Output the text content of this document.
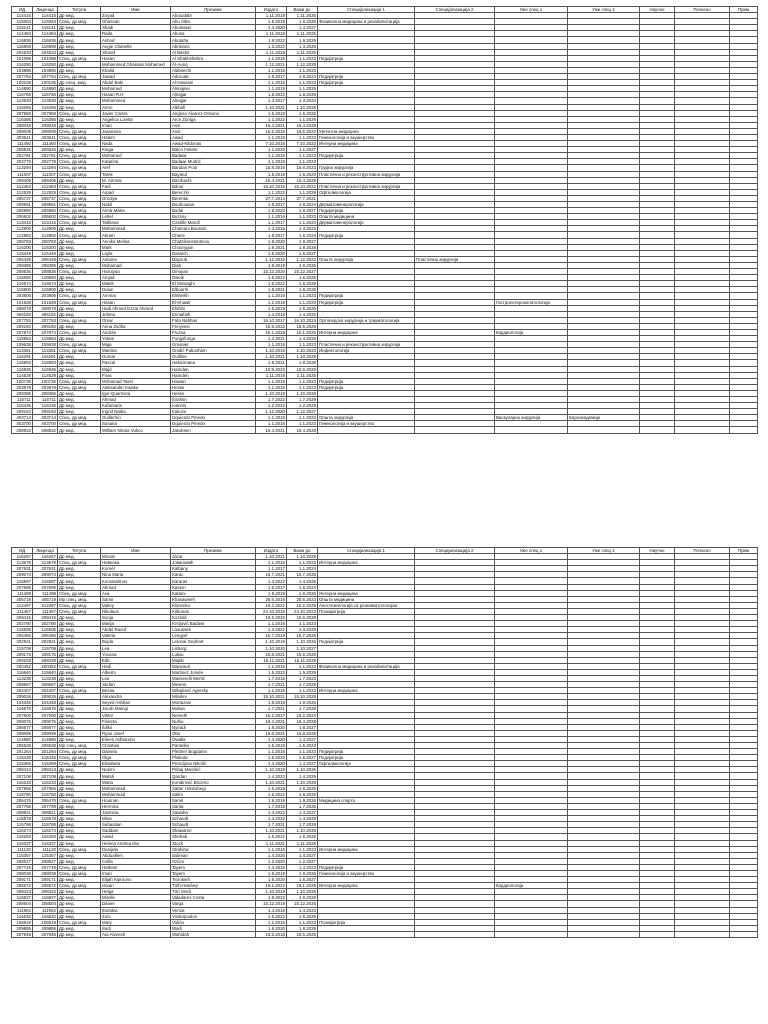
ИД	Лиценца	Титула	Име	Презиме	Издато	Важи до	Специјализација 1	Специјализација 2	Уже спец 1	Уже спец 2	Научно	Почасно	Прим
114415	114415	Др мед.	Zoyad	Aboualabr	1.11.2018	1.11.2025							
115054	115054	Спец. др мед.	Ghassan	Abu Sitta	1.9.2019	1.9.2026	Физикална медицина и рехабилитација						
115141	115141	Др мед.	Shadi	Abuissaer	1.4.2020	1.4.2027							
114484	114484	Др мед.	Rada	Abusa	1.11.2018	1.11.2025							
116836	116836	Др мед.	Ashraf	Abutaha	1.9.2022	1.9.2029							
116659	116659	Др мед.	Angie Chanelle	Abrinano	1.3.2022	1.3.2029							
204533	204533	Др мед.	Sharaf	Al Bashir	1.11.2018	1.11.2025							
101098	101098	Спец. др мед.	Hasan	Al Shakhshahra	1.1.2016	1.1.2023	Педијатрија						
116250	116250	Др мед.	Mohammed Ghassan Mohamed	Al-Aunq	1.12.2021	1.12.2028							
103886	103886	Др мед.	Khalid	Alabsechi	1.1.2016	1.1.2023							
207754	207754	Спец. др мед.	Jawad	Adrouab	1.8.2017	1.8.2024	Педијатрија						
100105	100105	Др спец. мед.	Abdul Baki	Al-Hassani	1.1.2016	1.1.2023	Педијатрија						
114890	114890	Др мед.	Mohamed	Alimajnei	1.1.2019	1.1.2026							
116766	116766	Др мед.	Hasan R.H	Alnajjar	1.8.2022	1.8.2029							
113530	113530	Др мед.	Mohammed	Alnajjar	1.3.2017	1.3.2024							
116266	116266	Др мед.	Amro	Alkhafi	1.10.2021	1.10.2028							
207968	207968	Спец. др мед.	Javier Carlos	Angoso Alvarez-Ossorio	1.6.2018	1.6.2025							
116386	116386	Др мед.	Angelica Lizette	Arce Zuniga	1.1.2022	1.1.2029							
208048	208048	Др мед.	Iman	Assi	15.4.2021	15.4.2028							
208009	208009	Спец. др мед.	Jasseena	Assi	16.5.2016	16.5.2023	Ургентна медицина						
403641	403641	Спец. др мед.	Hatem	Awad	1.1.2016	1.1.2023	Гинекологија и акушерство						
111450	111450	Спец. др мед.	Nada	Awad-Kildonas	7.10.2016	7.10.2023	Интерна медицина						
206526	206526	Др мед.	Kinga	Balco Fekete	1.1.2020	1.1.2027							
202781	202781	Спец. др мед.	Mohamed	Badawi	1.1.2016	1.1.2023	Педијатрија						
202779	202779	Спец. др мед.	Katarina	Badawi Mudrić	1.1.2016	1.1.2023							
113294	113294	Спец. др мед.	Aref	Bandari Pour	15.8.2016	15.8.2023	Грудна хирургија						
111007	111007	Спец. др мед.	Tarek	Bayand	1.5.2016	1.5.2023	Пластична и реконструктивна хирургија						
209405	209405	Др мед.	M. Ammar	Bazrbachi	15.4.2021	15.4.2028							
112463	112463	Спец. др мед.	Fadi	Bdour	15.10.2015	15.10.2022	Пластична и реконструктивна хирургија						
112525	112525	Спец. др мед.	Arpad	Bereczki	1.1.2022	1.1.2029	Офталмологија						
205737	205737	Спец. др мед.	Orsolya	Berentai	27.7.2014	27.7.2021							
209561	209561	Спец. др мед.	Nabil	Bouhoussa	1.8.2017	1.8.2024	Дерматовенерологија						
206950	206950	Спец. др мед.	Anna-Mária	Budai	1.9.2020	1.9.2027	Педијатрија						
206602	206602	Спец. др мед.	Lehel	Buzsny	1.1.2016	1.1.2023	Општа медицина						
113415	113415	Спец. др мед.	Tathiana	Castillo Marull	1.1.2017	1.1.2024	Дерматовенерологија						
112900	112900	Др мед.	Mohammad	Chamani Boussiri	1.3.2016	1.3.2023							
112882	112882	Спец. др мед.	Akram	Charie	1.8.2017	1.8.2024	Педијатрија						
208783	208783	Др мед.	Annika Melina	Chatzikonstantinou	1.9.2020	1.9.2027							
116200	116200	Др мед.	Mark	Chourygun	1.9.2021	1.9.2028							
115449	115449	Др мед.	Layla	Darwich	1.5.2020	1.5.2027							
206429	206429	Спец. др мед.	Antoine	Dayoub	1.12.2015	1.12.2022	Општа хирургија	Пластична хирургија					
208385	208385	Др мед.	Mohamad	Diab	1.9.2019	1.9.2026							
208836	208836	Спец. др мед.	Harutyun	Dinoyan	15.12.2020	15.12.2027							
116650	116650	Др мед.	Amjad	Dweik	1.6.2022	1.6.2029							
116674	116674	Др мед.	Malek	El Mowaghi	1.6.2022	1.6.2029							
115900	115900	Др мед.	Dulun	Elbounh	1.8.2021	1.8.2028							
203805	203805	Спец. др мед.	Ammar	Elsheikh	1.1.2016	1.1.2023	Педијатрија						
101828	101828	Спец. др мед.	Hasan	El-Khawli	1.1.2016	1.1.2023	Педијатрија		Гастроентерохепатологија				
208078	208078	Др мед.	Hadi Ahmed Ezzat Ahmed	Elshihi	1.5.2019	1.5.2026							
406182	406182	Др мед.	Jelena	Ennaifaih	1.4.2018	1.4.2025							
207783	207783	Спец. др мед.	Omar	Fata Nahhas	16.10.2017	16.10.2024	Ортопедска хирургија и трауматологија						
209160	209160	Др мед.	Anna Zsófia	Fenyvesi	15.5.2022	15.5.2029							
207874	207874	Спец. др мед.	András	Fruzsa	15.1.2018	15.1.2025	Интерна медицина		Кардиологија				
115953	115953	Др мед.	Yotam	Fungsfunga	1.4.2021	1.4.2028							
109638	109638	Спец. др мед.	Maja	Gmanier	1.1.2016	1.1.2023	Пластична и реконструктивна хирургија						
113351	113351	Спец. др мед.	Martina	Gnidić Pukonham	1.10.2016	1.10.2023	Инфектологија						
116291	116291	Др мед.	Oumar	Guilline	1.10.2021	1.10.2028							
116893	116893	Др мед.	Pascal	Hakizimana	1.8.2021	1.8.2028							
116935	116935	Др мед.	Majd	Hamdan	10.9.2022	10.9.2029							
114529	114529	Др мед.	Firas	Hamdeh	1.11.2018	1.11.2025							
100735	100735	Спец. др мед.	Mohamad Taser	Hawari	1.1.2016	1.1.2023	Педијатрија						
203978	203978	Спец. др мед.	Aleksander Kwaku	Hesse	1.1.2016	1.1.2023	Педијатрија						
208386	208386	Др мед.	Igor-Quarmina	Hesse	1.10.2019	1.10.2026							
116711	116711	Др мед.	Ahmad	Ibrahim	1.7.2022	1.7.2029							
116436	116436	Др мед.	Kafantaris	Ioannis	1.2.2022	1.2.2029							
209163	209163	Др мед.	Ingrid Nadia	Irakoze	1.12.2020	1.12.2027							
403714	403714	Спец. др мед.	Guillermo	Izquierdo Pinedo	1.1.2016	1.1.2023	Општа хирургија		Васкуларна хирургија	Бароакадемија			
403700	403700	Спец. др мед.	Susana	Izquierdo Pinedo	1.1.2016	1.1.2023	Гинекологија и акушерство						
208832	208832	Др мед.	William Nikola Vukco	Jakobsen	15.4.2021	15.4.2028							
ИД	Лиценца	Титула	Име	Презиме	Издато	Важи до	Специјализација 1	Специјализација 2	Уже спец 1	Уже спец 2	Научно	Почасно	Прим
116267	116267	Др мед.	Wisam	Jazar	1.10.2021	1.10.2028							
113679	113679	Спец. др мед.	Невенка	Јовановић	1.1.2016	1.1.2023	Интерна медицина						
207631	207631	Др мед.	Kornél	Kalbány	1.1.2017	1.1.2024							
209074	209074	Др мед.	Nina Maria	Karac	15.7.2021	15.7.2028							
116597	116597	Др мед.	Konstantinos	Kararas	1.4.2022	1.4.2029							
207695	207695	Др мед.	Ahmad	Kasem	1.6.2017	1.6.2024							
111498	111498	Спец. др мед.	Ava	Kataev	1.9.2019	1.9.2026	Интерна медицина						
405719	405719	Мр спец. мед.	Samir	Khasawneh	25.6.2016	25.6.2023	Општа медицина						
112497	112497	Спец. др мед.	Valery	Klimenko	15.2.2022	15.2.2029	Анестезиологија са реаниматологијом						
111457	111457	Спец. др мед.	Nikolaos	Kildonas	24.10.2016	24.10.2023	Психијатрија						
209415	209415	Др мед.	Sonja	Kozlolić	15.6.2022	15.6.2029							
202780	202780	Др мед.	Marija	Krstjović Badawi	1.1.2016	1.1.2023							
116505	116505	Др мед.	Abdel Raouf	Laoussek	1.3.2022	1.3.2029							
206456	206456	Др мед.	Valeria	Lengyel	15.7.2019	15.7.2026							
202921	202921	Др мед.	Bojda	Letonai Gephart	1.10.2019	1.10.2026	Педијатрија						
115708	115708	Др мед.	Lea	Lisborg	1.10.2020	1.10.2027							
209175	209175	Др мед.	Yovana	Lukac	15.8.2021	15.8.2028							
209228	209228	Др мед.	Edit	Majlát	15.11.2021	15.11.2028							
200452	200452	Спец. др мед.	Hadi	Mansouri	1.1.2016	1.1.2023	Физикална медицина и рехабилитација						
116640	116640	Др мед.	Alberto	Martinez Jorsén	1.5.2022	1.5.2029							
113238	113238	Др мед.	Lea	Masserelli Mertić	1.7.2016	1.7.2023							
208697	208697	Др мед.	Stefan	Mesem	1.7.2021	1.7.2028							
204407	204407	Спец. др мед.	Besna	Mihajlović Agersky	1.1.2016	1.1.2023	Интерна медицина						
209026	209026	Др мед.	Alexandra	Miloilev	15.10.2021	15.10.2028							
104348	104348	Др мед.	Seyed Ashkan	Mortazavi	1.9.2019	1.9.2026							
116676	116676	Др мед.	Jacob Maingi	Mulwa	1.7.2021	1.7.2028							
207500	207500	Др мед.	Viktor	Nemeth	15.2.2017	15.2.2024							
209075	209075	Др мед.	Filoreta	Nuhiu	16.4.2021	16.4.2028							
206677	206677	Др мед.	Ildikó	Nyirádi	1.8.2020	1.8.2027							
209099	209099	Др мед.	Ryan Josef	Otto	15.8.2021	15.8.2028							
114880	114880	Др мед.	Eileen Adhiambo	Owalla	1.4.2020	1.4.2027							
205538	205538	Мр спец. мед.	Christian	Pantelko	1.5.2016	1.5.2023							
201264	201264	Спец. др мед.	Daniela	Plettner Bogdanin	1.1.2016	1.1.2023	Педијатрија						
115426	115426	Спец. др мед.	Olga	Pliakota	1.5.2020	1.5.2027	Педијатрија						
115369	115369	Спец. др мед.	Elisabeta	Prendjova Nikolić	1.4.2020	1.4.2027	Офталмологија						
208413	208413	Др мед.	Noémi	Pribaj Marcikić	1.10.2019	1.10.2026							
207108	207108	Др мед.	Mahdi	Qardan	1.4.2022	1.4.2029							
116233	116233	Др мед.	Maria	Kondirović Briceno	1.10.2021	1.10.2028							
207956	207956	Др мед.	Mohammad	Saber Hamishegi	1.6.2018	1.6.2025							
116760	116760	Др мед.	Mohammad	Salim	1.6.2022	1.6.2029							
206475	206475	Спец. др мед.	Houman	Samil	1.9.2019	1.9.2026	Медицина спорта						
207798	207798	Др мед.	Hermina	Santa	1.7.2018	1.7.2025							
408821	408821	Др мед.	Jasmina	Sawaha	1.4.2022	1.4.2027							
116578	116578	Др мед.	Mina	Schaudt	1.4.2022	1.4.2029							
115788	115788	Др мед.	Sebastian	Schaudt	1.7.2021	1.7.2028							
116274	116274	Др мед.	Saddam	Shawamri	1.10.2021	1.10.2028							
116293	116293	Др мед.	Awad	Shehab	1.5.2022	1.5.2029							
116337	116337	Др мед.	Helena Andrea Ilse	Stock	1.11.2021	1.11.2028							
111120	111120	Спец. др мед.	Danijela	Strahinic	1.1.2016	1.1.2023	Интерна медицина						
115357	115357	Др мед.	Abdualhim	Suliman	1.4.2020	1.4.2027							
208527	208527	Др мед.	Csilla	Szűcs	1.2.2020	1.2.2027							
207749	207749	Спец. др мед.	Hatham	Tayem	1.4.2016	1.4.2023	Педијатрија						
208038	208038	Спец. др мед.	Iman	Tayem	1.9.2019	1.9.2026	Гинекологија и акушерство						
209171	209171	Др мед.	Elijah Kiproono	Tiorokieh	1.6.2020	1.6.2027							
206672	206672	Спец. др мед.	Istvan	Tóth-Hanányi	18.1.2022	18.1.2029	Интерна медицина		Кардиологија				
208423	208423	Др мед.	Helga	Türi Verdi	1.10.2019	1.10.2026							
116837	116837	Др мед.	Mirelle	Valadares Costa	1.9.2022	1.9.2029							
208504	208504	Др мед.	Dániel	Varga	15.12.2019	15.12.2026							
111962	111962	Др мед.	Evdokia	Vernia	1.4.2016	1.4.2023							
116632	116632	Др мед.	Zoís	Voskopoulos	1.5.2022	1.5.2029							
106919	106919	Спец. др мед.	Mary	Vulića	1.1.2016	1.1.2023	Психијатрија						
209855	209855	Др мед.	Sadi	Wadi	1.8.2020	1.8.2029							
207948	207948	Др мед.	Ata Alveesh	Wahidah	15.5.2018	15.5.2025							
